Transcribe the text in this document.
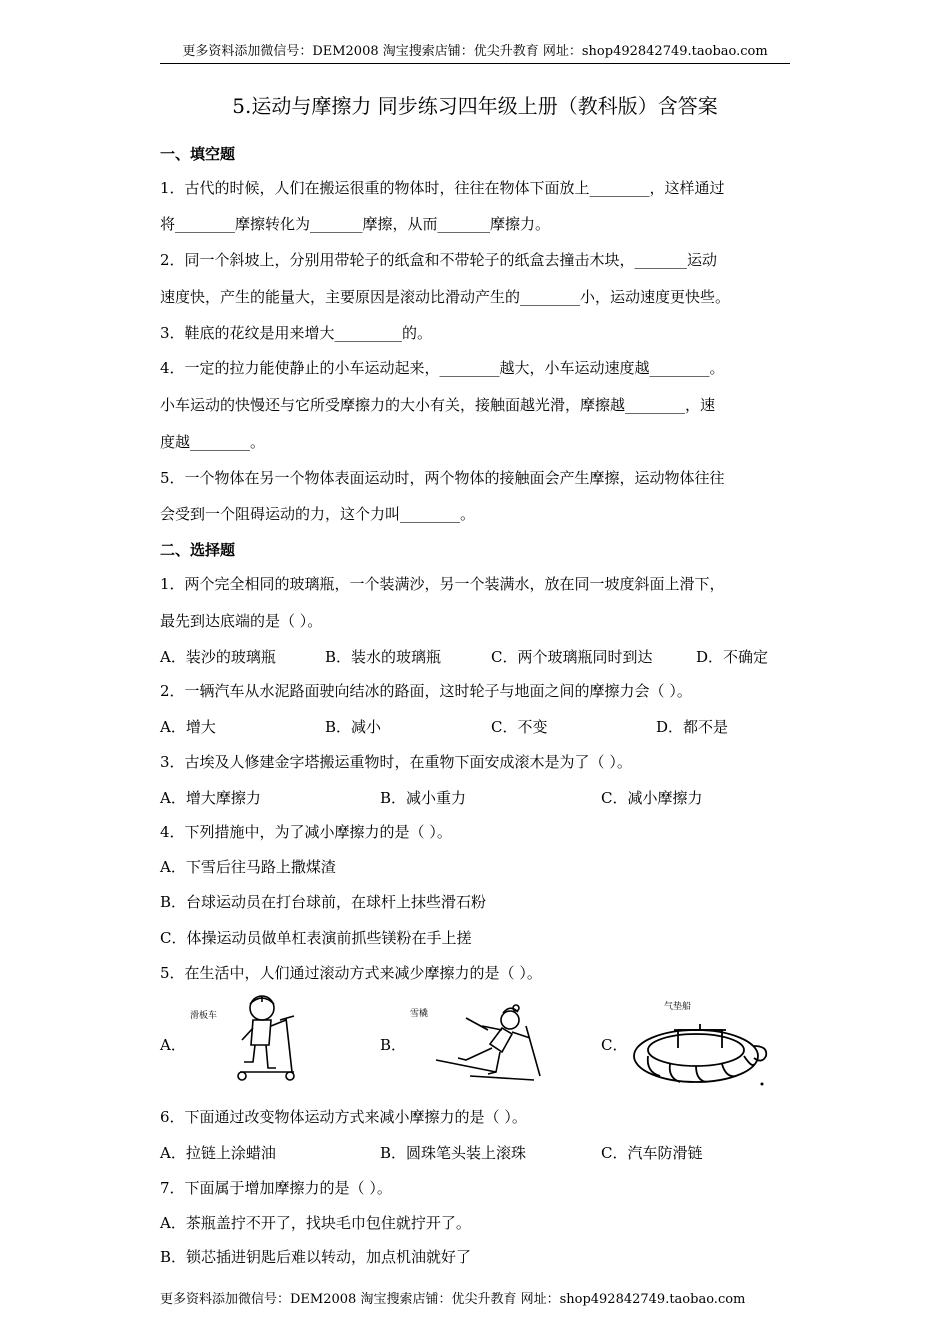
更多资料添加微信号：DEM2008 淘宝搜索店铺：优尖升教育 网址：shop492842749.taobao.com
5.运动与摩擦力 同步练习四年级上册（教科版）含答案
一、填空题
1．古代的时候，人们在搬运很重的物体时，往往在物体下面放上________，这样通过
将________摩擦转化为_______摩擦，从而_______摩擦力。
2．同一个斜坡上，分别用带轮子的纸盒和不带轮子的纸盒去撞击木块，_______运动
速度快，产生的能量大，主要原因是滚动比滑动产生的________小，运动速度更快些。
3．鞋底的花纹是用来增大_________的。
4．一定的拉力能使静止的小车运动起来，________越大，小车运动速度越________。
小车运动的快慢还与它所受摩擦力的大小有关，接触面越光滑，摩擦越________，速
度越________。
5．一个物体在另一个物体表面运动时，两个物体的接触面会产生摩擦，运动物体往往
会受到一个阻碍运动的力，这个力叫________。
二、选择题
1．两个完全相同的玻璃瓶，一个装满沙，另一个装满水，放在同一坡度斜面上滑下，
最先到达底端的是（ ）。
A．装沙的玻璃瓶	B．装水的玻璃瓶	C．两个玻璃瓶同时到达	D．不确定
2．一辆汽车从水泥路面驶向结冰的路面，这时轮子与地面之间的摩擦力会（ ）。
A．增大	B．减小	C．不变	D．都不是
3．古埃及人修建金字塔搬运重物时，在重物下面安成滚木是为了（ ）。
A．增大摩擦力	B．减小重力	C．减小摩擦力
4．下列措施中，为了减小摩擦力的是（ ）。
A．下雪后往马路上撒煤渣
B．台球运动员在打台球前，在球杆上抹些滑石粉
C．体操运动员做单杠表演前抓些镁粉在手上搓
5．在生活中，人们通过滚动方式来减少摩擦力的是（ ）。
A．
滑板车
B．
雪橇
C．
气垫船
6．下面通过改变物体运动方式来减小摩擦力的是（ ）。
A．拉链上涂蜡油	B．圆珠笔头装上滚珠	C．汽车防滑链
7．下面属于增加摩擦力的是（ ）。
A．茶瓶盖拧不开了，找块毛巾包住就拧开了。
B．锁芯插进钥匙后难以转动，加点机油就好了
更多资料添加微信号：DEM2008 淘宝搜索店铺：优尖升教育 网址：shop492842749.taobao.com
